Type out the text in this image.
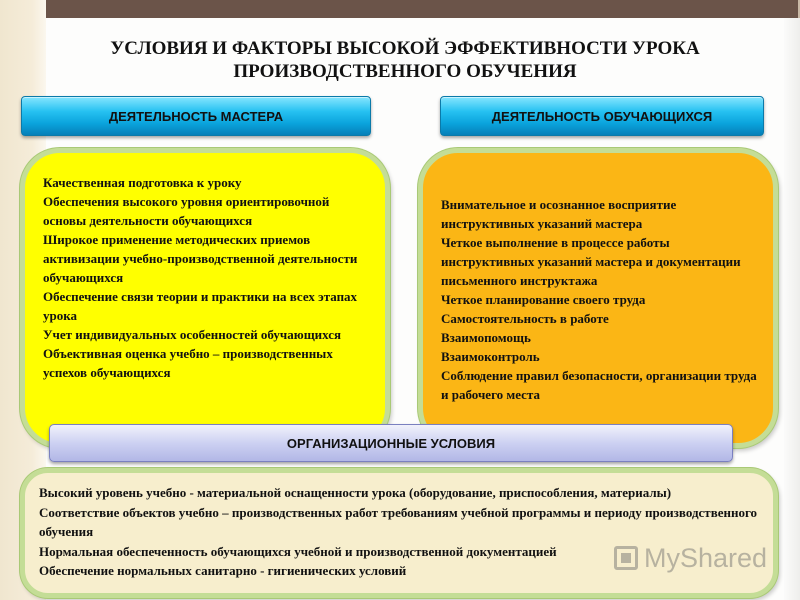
УСЛОВИЯ И ФАКТОРЫ ВЫСОКОЙ ЭФФЕКТИВНОСТИ УРОКА ПРОИЗВОДСТВЕННОГО ОБУЧЕНИЯ
ДЕЯТЕЛЬНОСТЬ МАСТЕРА	ДЕЯТЕЛЬНОСТЬ ОБУЧАЮЩИХСЯ

Качественная подготовка к уроку

Обеспечения высокого уровня ориентировочной основы деятельности обучающихся

Широкое применение методических приемов активизации учебно-производственной деятельности обучающихся

Обеспечение связи теории и практики на всех этапах урока

Учет индивидуальных особенностей обучающихся

Объективная оценка учебно – производственных успехов обучающихся

Внимательное и осознанное восприятие инструктивных указаний мастера

Четкое выполнение в процессе работы инструктивных указаний мастера и документации письменного инструктажа

Четкое планирование своего труда

Самостоятельность в работе

Взаимопомощь

Взаимоконтроль

Соблюдение правил безопасности, организации труда и рабочего места

Высокий уровень учебно - материальной оснащенности урока (оборудование, приспособления, материалы)

Соответствие объектов учебно – производственных работ требованиям учебной программы и периоду производственного обучения

Нормальная обеспеченность обучающихся учебной и производственной документацией

Обеспечение нормальных санитарно - гигиенических условий

ОРГАНИЗАЦИОННЫЕ УСЛОВИЯ
MyShared
